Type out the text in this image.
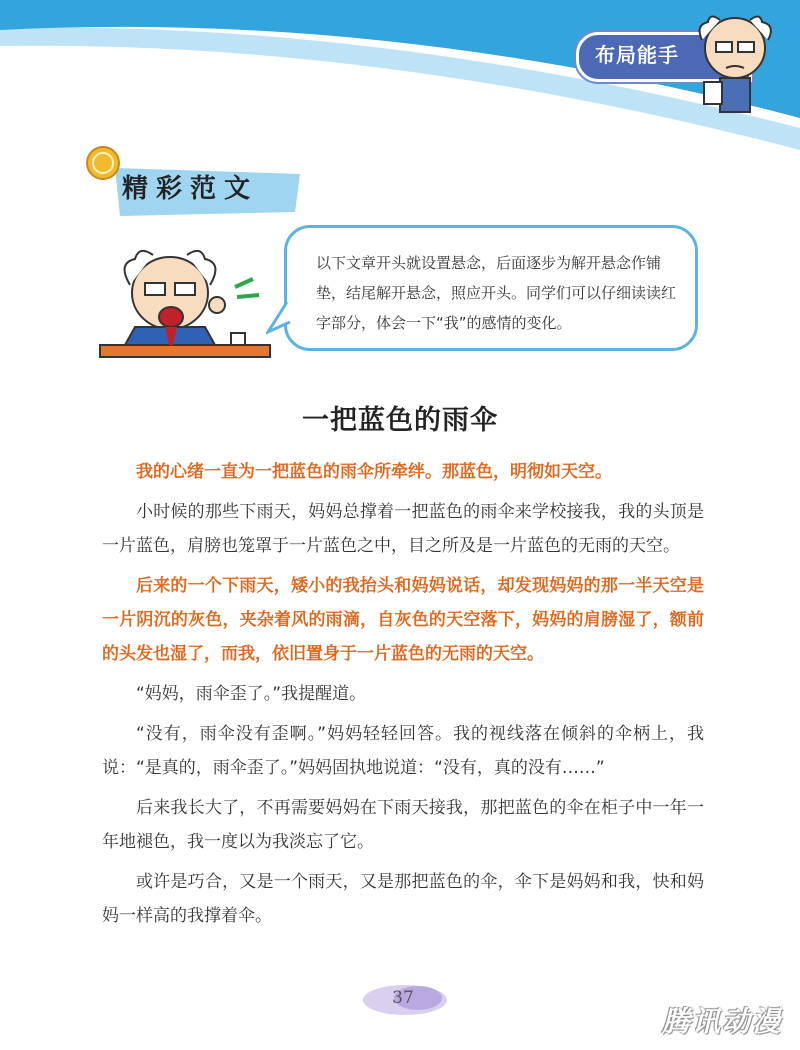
布局能手
精彩范文
以下文章开头就设置悬念，后面逐步为解开悬念作铺垫，结尾解开悬念，照应开头。同学们可以仔细读读红字部分，体会一下“我”的感情的变化。
一把蓝色的雨伞

我的心绪一直为一把蓝色的雨伞所牵绊。那蓝色，明彻如天空。

小时候的那些下雨天，妈妈总撑着一把蓝色的雨伞来学校接我，我的头顶是一片蓝色，肩膀也笼罩于一片蓝色之中，目之所及是一片蓝色的无雨的天空。

后来的一个下雨天，矮小的我抬头和妈妈说话，却发现妈妈的那一半天空是一片阴沉的灰色，夹杂着风的雨滴，自灰色的天空落下，妈妈的肩膀湿了，额前的头发也湿了，而我，依旧置身于一片蓝色的无雨的天空。

“妈妈，雨伞歪了。”我提醒道。

“没有，雨伞没有歪啊。”妈妈轻轻回答。我的视线落在倾斜的伞柄上，我说：“是真的，雨伞歪了。”妈妈固执地说道：“没有，真的没有……”

后来我长大了，不再需要妈妈在下雨天接我，那把蓝色的伞在柜子中一年一年地褪色，我一度以为我淡忘了它。

或许是巧合，又是一个雨天，又是那把蓝色的伞，伞下是妈妈和我，快和妈妈一样高的我撑着伞。

37
腾讯动漫
